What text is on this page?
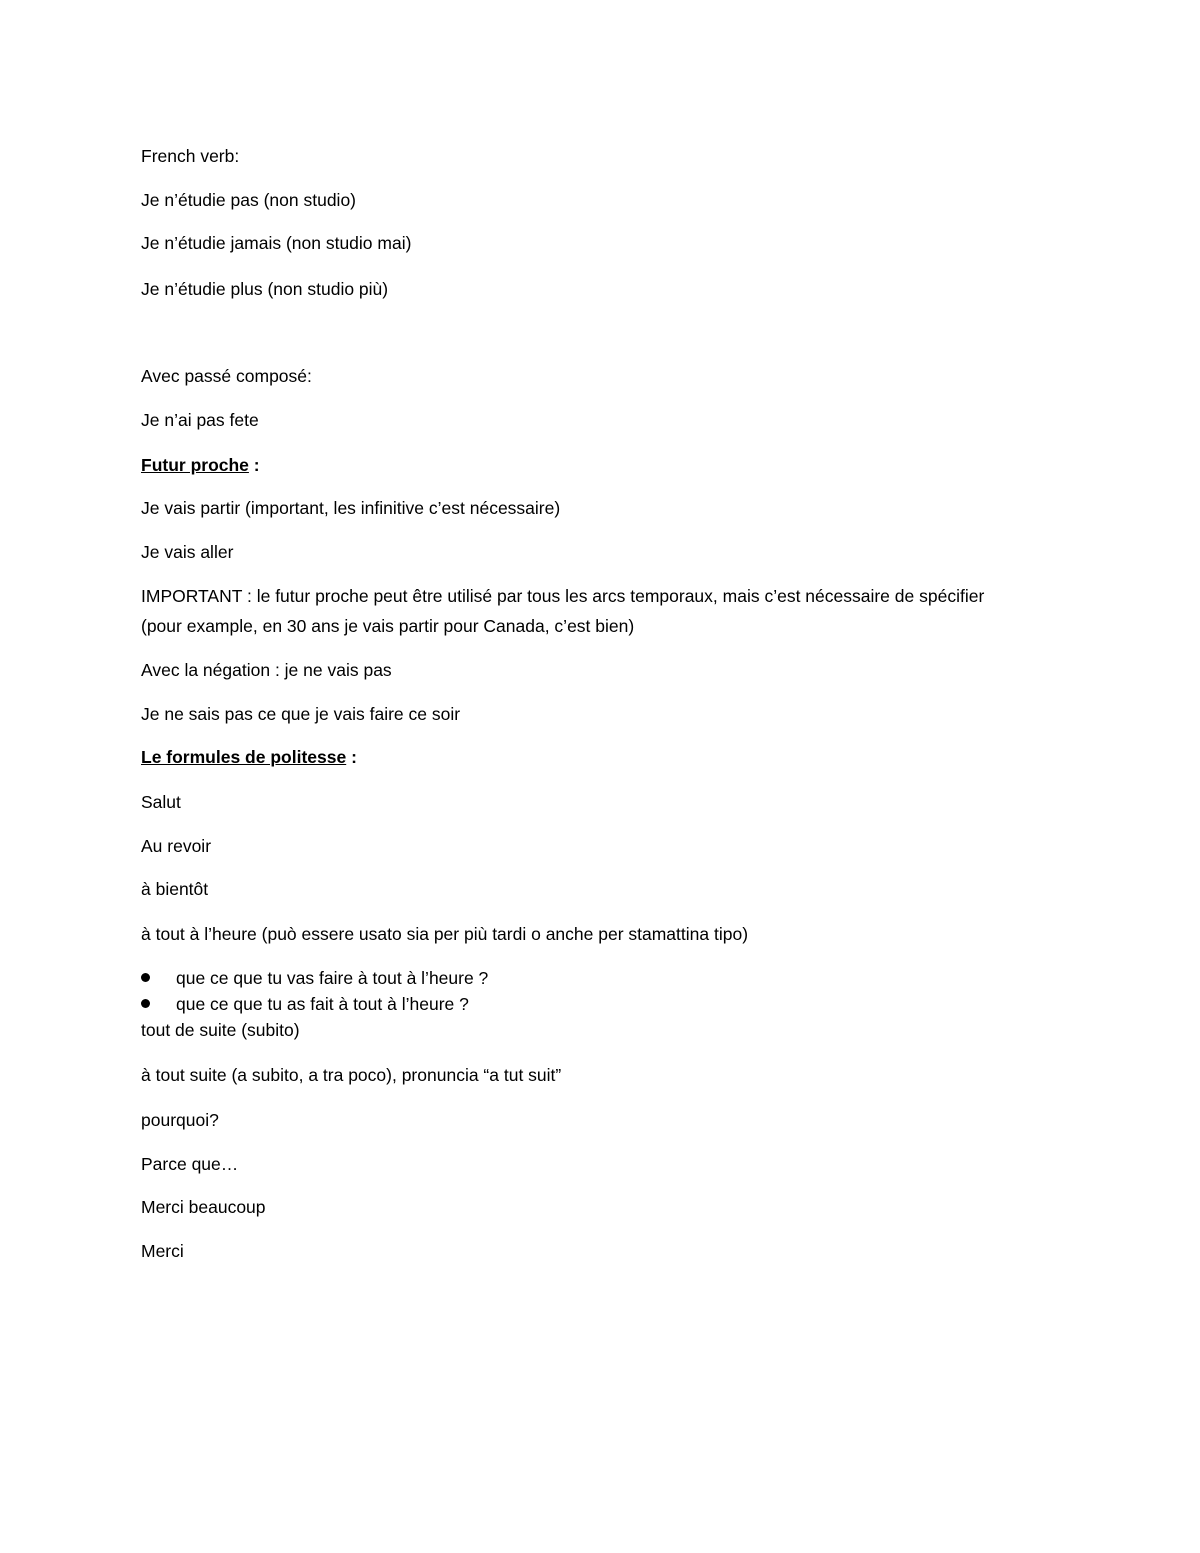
French verb:
Je n’étudie pas (non studio)
Je n’étudie jamais (non studio mai)
Je n’étudie plus (non studio più)
Avec passé composé:
Je n’ai pas fete
Futur proche :
Je vais partir (important, les infinitive c’est nécessaire)
Je vais aller
IMPORTANT : le futur proche peut être utilisé par tous les arcs temporaux, mais c’est nécessaire de spécifier (pour example, en 30 ans je vais partir pour Canada, c’est bien)
Avec la négation : je ne vais pas
Je ne sais pas ce que je vais faire ce soir
Le formules de politesse :
Salut
Au revoir
à bientôt
à tout à l’heure (può essere usato sia per più tardi o anche per stamattina tipo)
que ce que tu vas faire à tout à l’heure ?
que ce que tu as fait à tout à l’heure ?
tout de suite (subito)
à tout suite (a subito, a tra poco), pronuncia “a tut suit”
pourquoi?
Parce que…
Merci beaucoup
Merci
